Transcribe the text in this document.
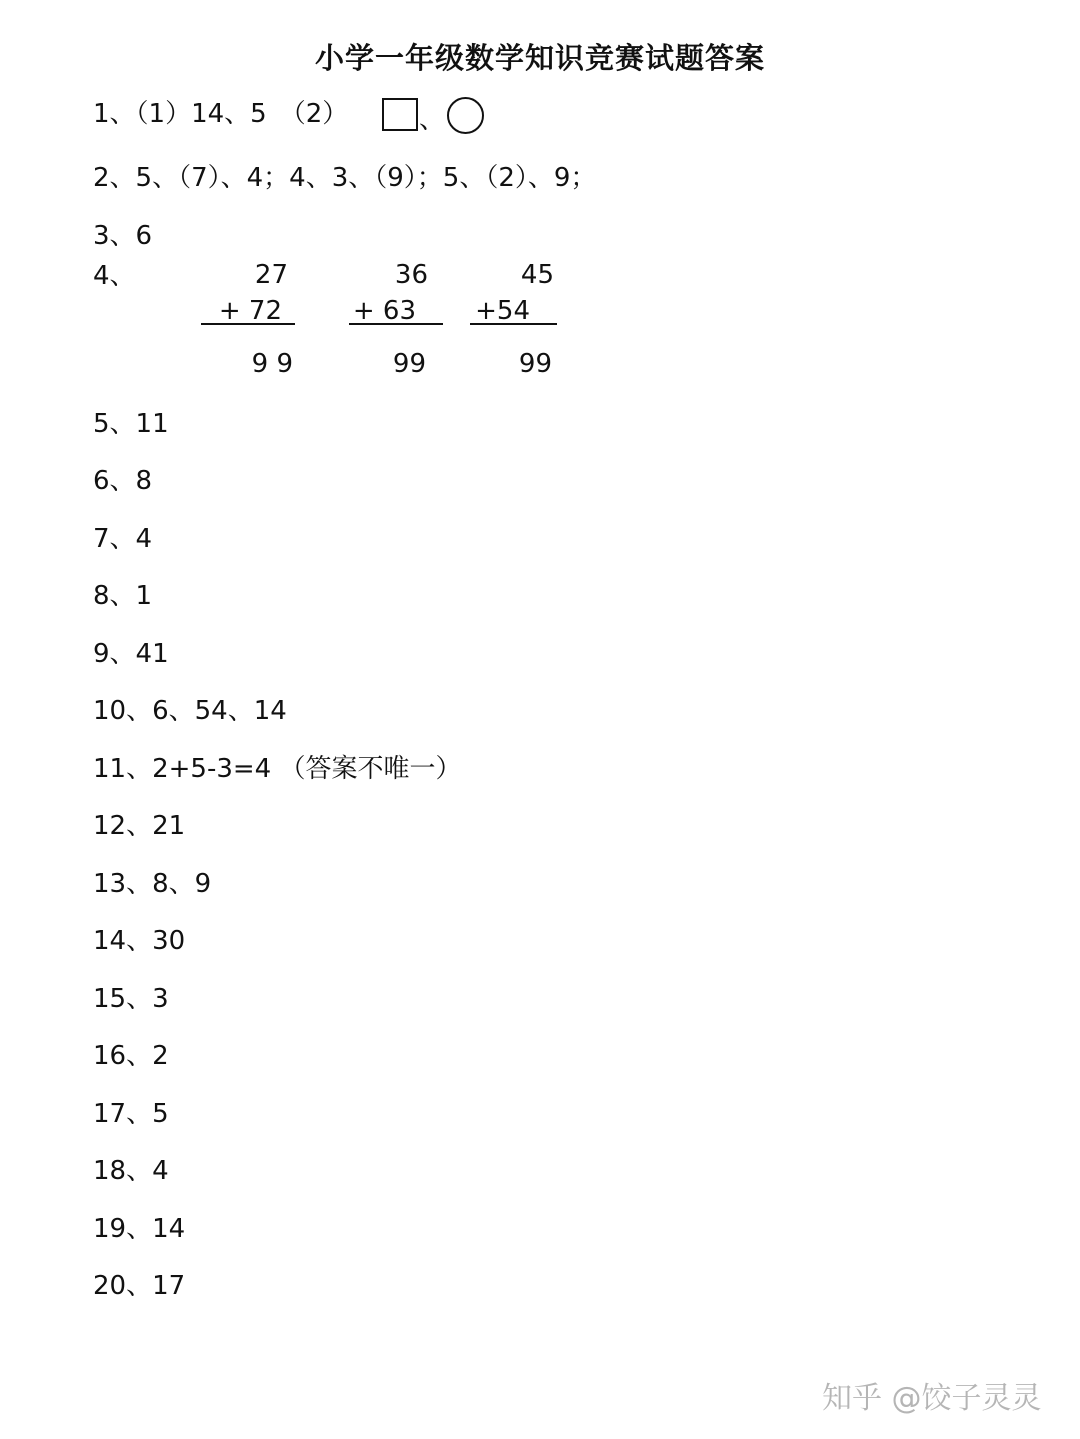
小学一年级数学知识竞赛试题答案
1、（1）14、5　（2）	、
2、5、（7）、4；4、3、（9）；5、（2）、9；
3、6
4、	27
+ 72
9 9
36
+ 63
99
45
+54
99
5、11
6、8
7、4
8、1
9、41
10、6、54、14
11、2+5-3=4 （答案不唯一）
12、21
13、8、9
14、30
15、3
16、2
17、5
18、4
19、14
20、17
知乎 @饺子灵灵
